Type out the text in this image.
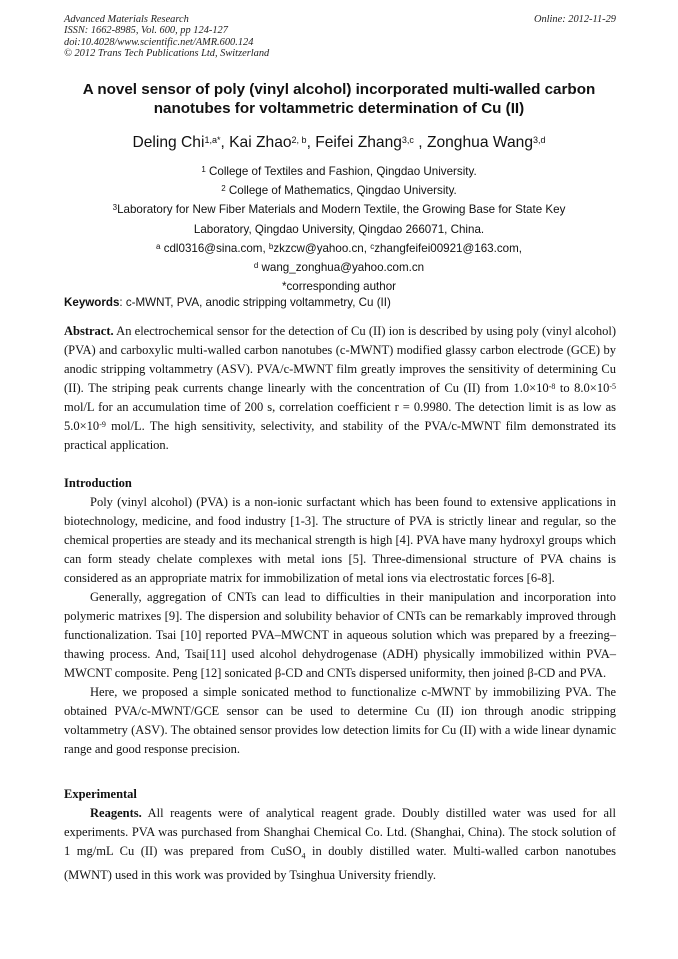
Advanced Materials Research
ISSN: 1662-8985, Vol. 600, pp 124-127
doi:10.4028/www.scientific.net/AMR.600.124
© 2012 Trans Tech Publications Ltd, Switzerland
Online: 2012-11-29
A novel sensor of poly (vinyl alcohol) incorporated multi-walled carbon
nanotubes for voltammetric determination of Cu (II)
Deling Chi$^{1,a*}$, Kai Zhao$^{2, b}$, Feifei Zhang$^{3,c}$ , Zonghua Wang$^{3,d}$
$^1$ College of Textiles and Fashion, Qingdao University.
$^2$ College of Mathematics, Qingdao University.
$^3$Laboratory for New Fiber Materials and Modern Textile, the Growing Base for State Key
Laboratory, Qingdao University, Qingdao 266071, China.
$^a$ cdl0316@sina.com, $^b$zkzcw@yahoo.cn, $^c$zhangfeifei00921@163.com,
$^d$ wang_zonghua@yahoo.com.cn
*corresponding author
Keywords: c-MWNT, PVA, anodic stripping voltammetry, Cu (II)

Abstract. An electrochemical sensor for the detection of Cu (II) ion is described by using poly (vinyl alcohol) (PVA) and carboxylic multi-walled carbon nanotubes (c-MWNT) modified glassy carbon electrode (GCE) by anodic stripping voltammetry (ASV). PVA/c-MWNT film greatly improves the sensitivity of determining Cu (II). The striping peak currents change linearly with the concentration of Cu (II) from $1.0\times 10^{-8}$ to $8.0\times 10^{-5}$ mol/L for an accumulation time of 200 s, correlation coefficient r = 0.9980. The detection limit is as low as $5.0\times 10^{-9}$ mol/L. The high sensitivity, selectivity, and stability of the PVA/c-MWNT film demonstrated its practical application.

Introduction

Poly (vinyl alcohol) (PVA) is a non-ionic surfactant which has been found to extensive applications in biotechnology, medicine, and food industry [1-3]. The structure of PVA is strictly linear and regular, so the chemical properties are steady and its mechanical strength is high [4]. PVA have many hydroxyl groups which can form steady chelate complexes with metal ions [5]. Three-dimensional structure of PVA chains is considered as an appropriate matrix for immobilization of metal ions via electrostatic forces [6-8].

Generally, aggregation of CNTs can lead to difficulties in their manipulation and incorporation into polymeric matrixes [9]. The dispersion and solubility behavior of CNTs can be remarkably improved through functionalization. Tsai [10] reported PVA–MWCNT in aqueous solution which was prepared by a freezing–thawing process. And, Tsai[11] used alcohol dehydrogenase (ADH) physically immobilized within PVA–MWCNT composite. Peng [12] sonicated β-CD and CNTs dispersed uniformity, then joined β-CD and PVA.

Here, we proposed a simple sonicated method to functionalize c-MWNT by immobilizing PVA. The obtained PVA/c-MWNT/GCE sensor can be used to determine Cu (II) ion through anodic stripping voltammetry (ASV). The obtained sensor provides low detection limits for Cu (II) with a wide linear dynamic range and good response precision.

Experimental

Reagents. All reagents were of analytical reagent grade. Doubly distilled water was used for all experiments. PVA was purchased from Shanghai Chemical Co. Ltd. (Shanghai, China). The stock solution of 1 mg/mL Cu (II) was prepared from CuSO$_4$ in doubly distilled water. Multi-walled carbon nanotubes (MWNT) used in this work was provided by Tsinghua University friendly.
